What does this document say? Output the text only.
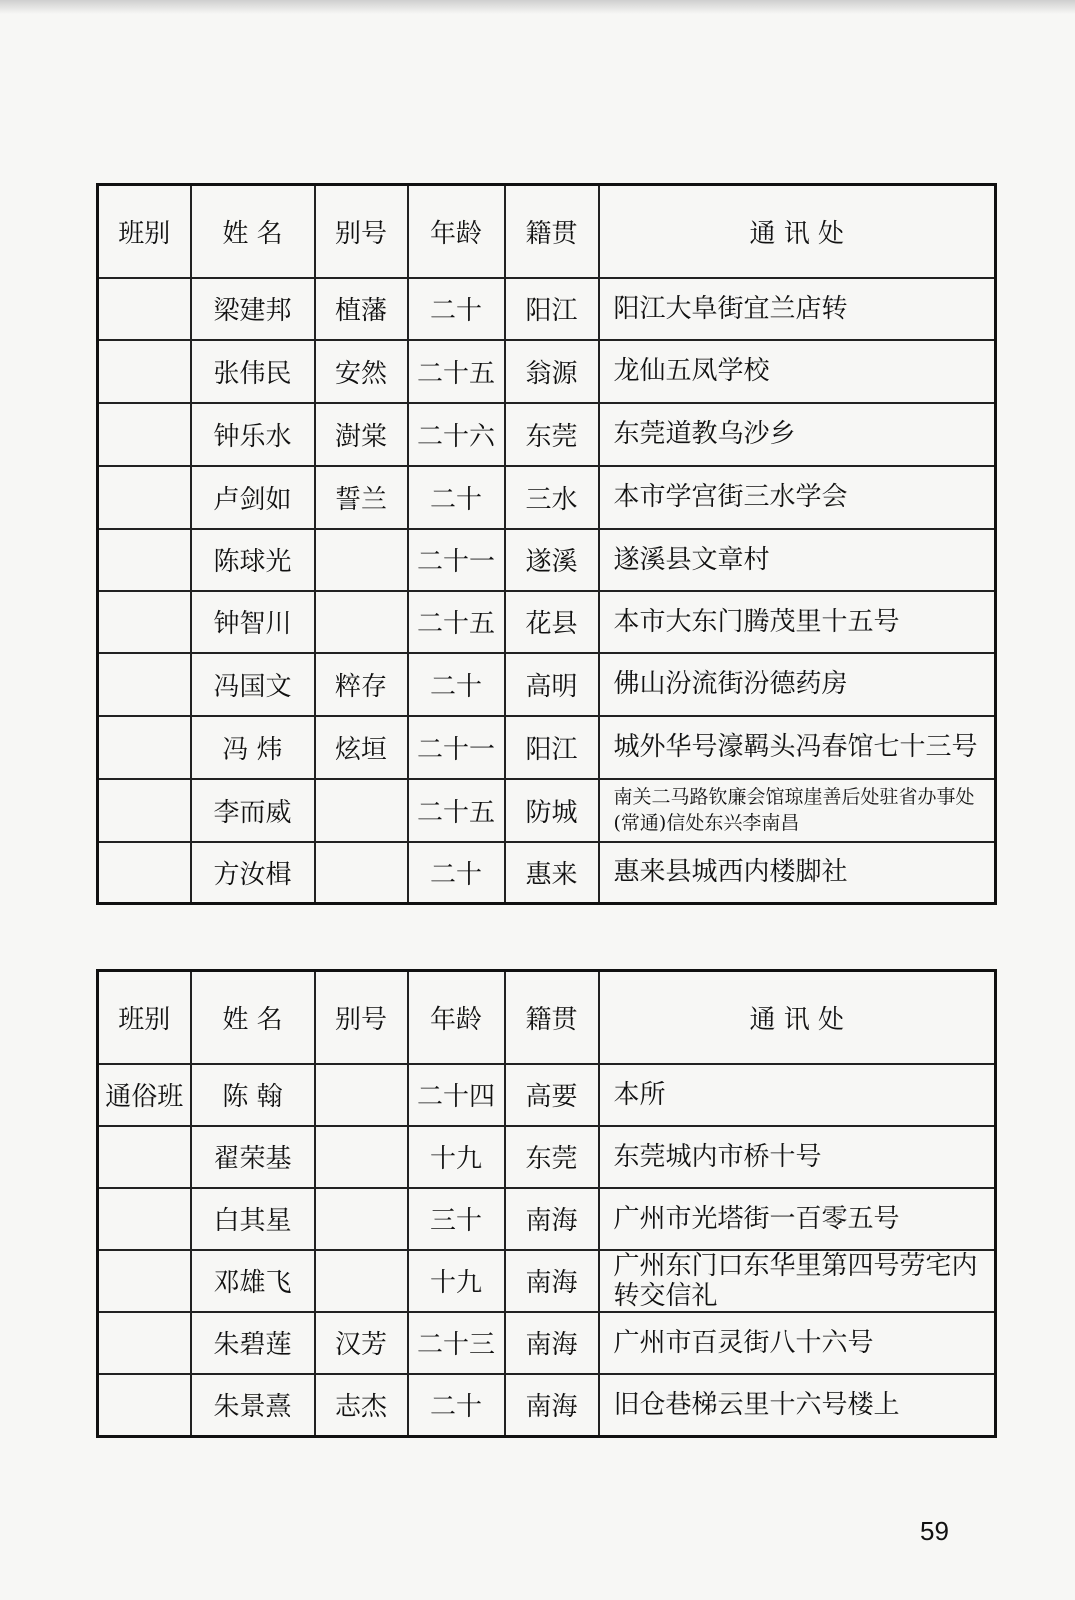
班别	姓 名	别号	年龄	籍贯	通 讯 处
	梁建邦	植藩	二十	阳江	阳江大阜街宜兰店转
	张伟民	安然	二十五	翁源	龙仙五凤学校
	钟乐水	澍棠	二十六	东莞	东莞道教乌沙乡
	卢剑如	誓兰	二十	三水	本市学宫街三水学会
	陈球光		二十一	遂溪	遂溪县文章村
	钟智川		二十五	花县	本市大东门腾茂里十五号
	冯国文	粹存	二十	高明	佛山汾流街汾德药房
	冯 炜	炫垣	二十一	阳江	城外华号濠羁头冯春馆七十三号
	李而威		二十五	防城	南关二马路钦廉会馆琼崖善后处驻省办事处(常通)信处东兴李南昌
	方汝楫		二十	惠来	惠来县城西内楼脚社
班别	姓 名	别号	年龄	籍贯	通 讯 处
通俗班	陈 翰		二十四	高要	本所
	翟荣基		十九	东莞	东莞城内市桥十号
	白其星		三十	南海	广州市光塔街一百零五号
	邓雄飞		十九	南海	广州东门口东华里第四号劳宅内转交信礼
	朱碧莲	汉芳	二十三	南海	广州市百灵街八十六号
	朱景熹	志杰	二十	南海	旧仓巷梯云里十六号楼上
59
